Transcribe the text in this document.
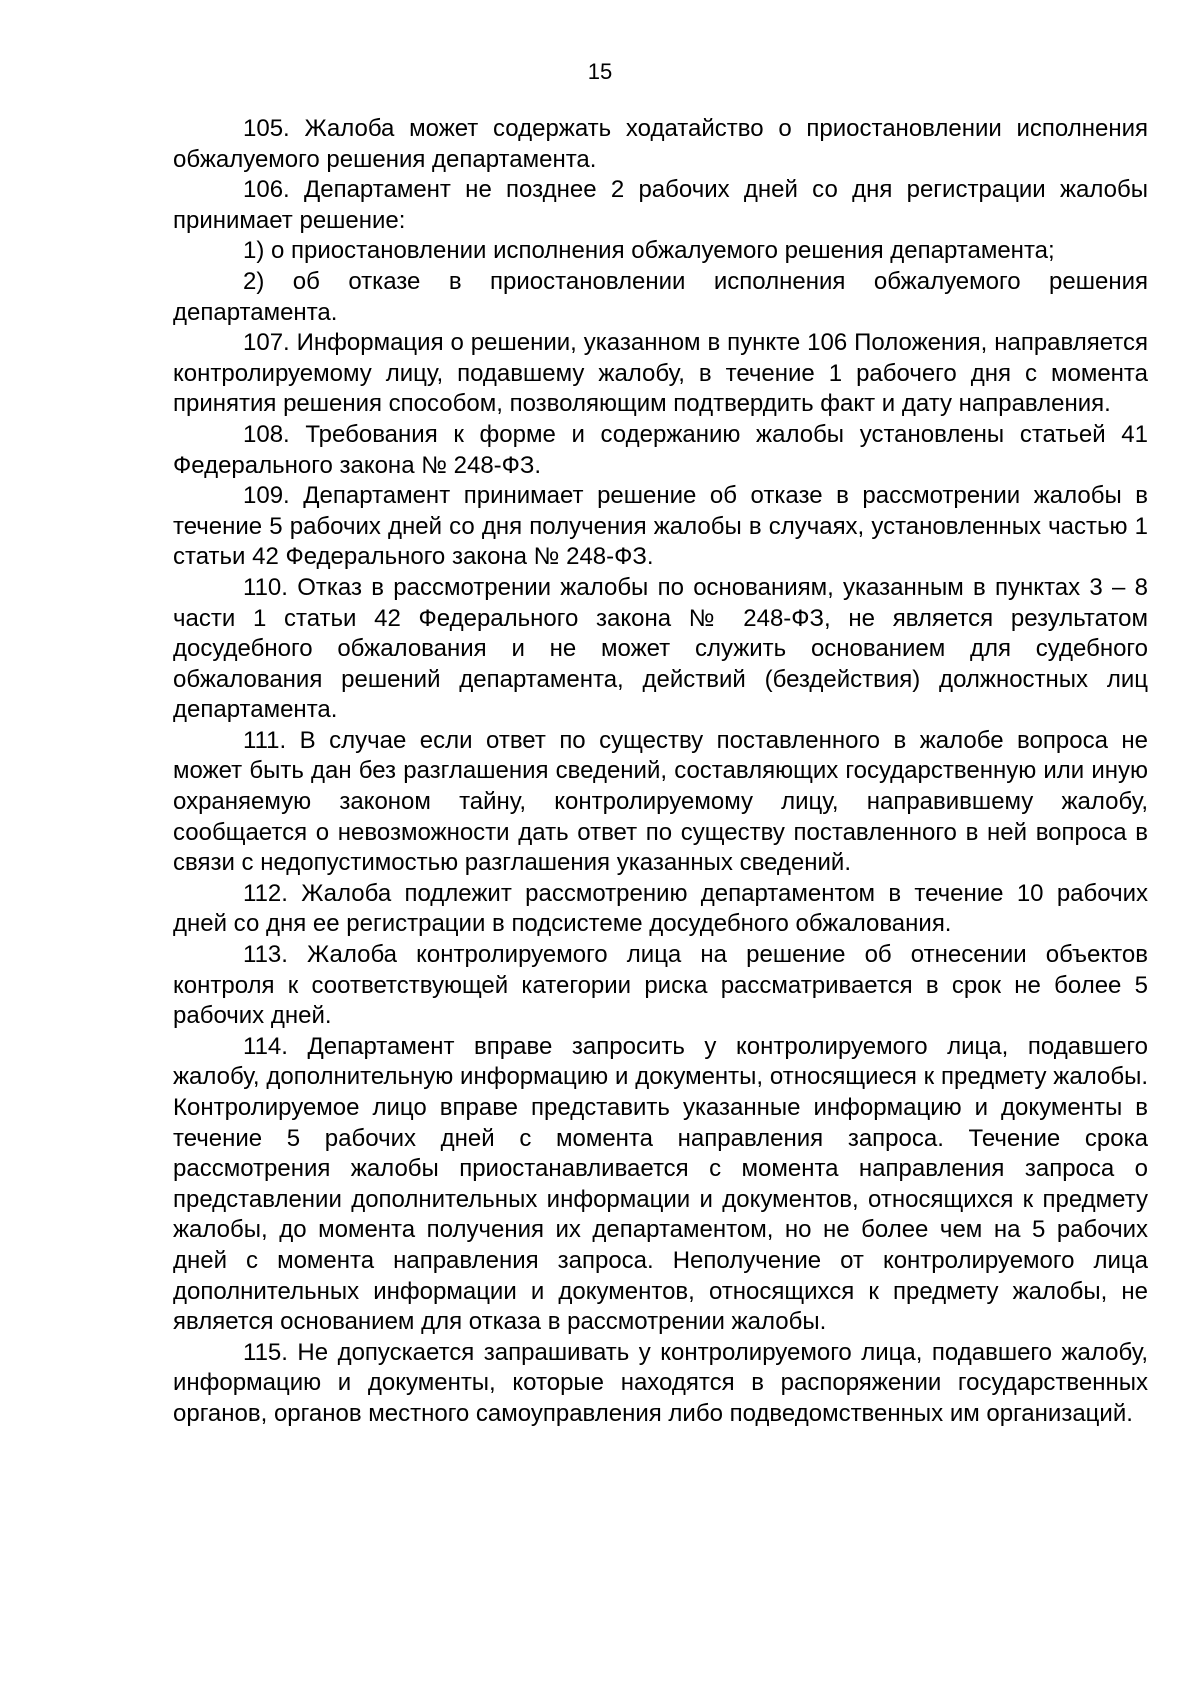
15

105. Жалоба может содержать ходатайство о приостановлении исполнения обжалуемого решения департамента.

106. Департамент не позднее 2 рабочих дней со дня регистрации жалобы принимает решение:

1) о приостановлении исполнения обжалуемого решения департамента;

2) об отказе в приостановлении исполнения обжалуемого решения департамента.

107. Информация о решении, указанном в пункте 106 Положения, направляется контролируемому лицу, подавшему жалобу, в течение 1 рабочего дня с момента принятия решения способом, позволяющим подтвердить факт и дату направления.

108. Требования к форме и содержанию жалобы установлены статьей 41 Федерального закона № 248-ФЗ.

109. Департамент принимает решение об отказе в рассмотрении жалобы в течение 5 рабочих дней со дня получения жалобы в случаях, установленных частью 1 статьи 42 Федерального закона № 248-ФЗ.

110. Отказ в рассмотрении жалобы по основаниям, указанным в пунктах 3 – 8 части 1 статьи 42 Федерального закона № 248-ФЗ, не является результатом досудебного обжалования и не может служить основанием для судебного обжалования решений департамента, действий (бездействия) должностных лиц департамента.

111. В случае если ответ по существу поставленного в жалобе вопроса не может быть дан без разглашения сведений, составляющих государственную или иную охраняемую законом тайну, контролируемому лицу, направившему жалобу, сообщается о невозможности дать ответ по существу поставленного в ней вопроса в связи с недопустимостью разглашения указанных сведений.

112. Жалоба подлежит рассмотрению департаментом в течение 10 рабочих дней со дня ее регистрации в подсистеме досудебного обжалования.

113. Жалоба контролируемого лица на решение об отнесении объектов контроля к соответствующей категории риска рассматривается в срок не более 5 рабочих дней.

114. Департамент вправе запросить у контролируемого лица, подавшего жалобу, дополнительную информацию и документы, относящиеся к предмету жалобы. Контролируемое лицо вправе представить указанные информацию и документы в течение 5 рабочих дней с момента направления запроса. Течение срока рассмотрения жалобы приостанавливается с момента направления запроса о представлении дополнительных информации и документов, относящихся к предмету жалобы, до момента получения их департаментом, но не более чем на 5 рабочих дней с момента направления запроса. Неполучение от контролируемого лица дополнительных информации и документов, относящихся к предмету жалобы, не является основанием для отказа в рассмотрении жалобы.

115. Не допускается запрашивать у контролируемого лица, подавшего жалобу, информацию и документы, которые находятся в распоряжении государственных органов, органов местного самоуправления либо подведомственных им организаций.
